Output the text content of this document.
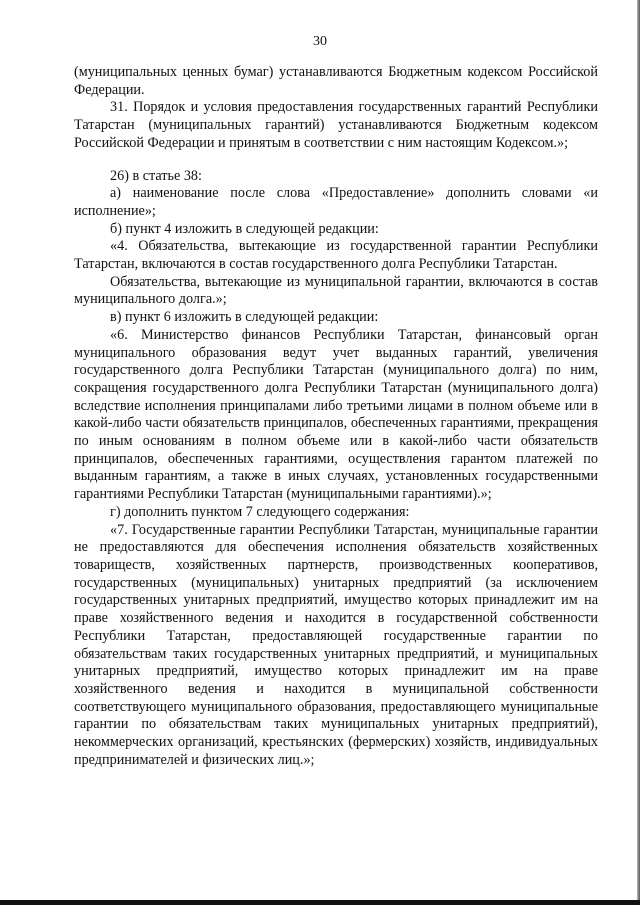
30

(муниципальных ценных бумаг) устанавливаются Бюджетным кодексом Российской Федерации.

31. Порядок и условия предоставления государственных гарантий Республики Татарстан (муниципальных гарантий) устанавливаются Бюджетным кодексом Российской Федерации и принятым в соответствии с ним настоящим Кодексом.»;

26) в статье 38:

а) наименование после слова «Предоставление» дополнить словами «и исполнение»;

б) пункт 4 изложить в следующей редакции:

«4. Обязательства, вытекающие из государственной гарантии Республики Татарстан, включаются в состав государственного долга Республики Татарстан.

Обязательства, вытекающие из муниципальной гарантии, включаются в состав муниципального долга.»;

в) пункт 6 изложить в следующей редакции:

«6. Министерство финансов Республики Татарстан, финансовый орган муниципального образования ведут учет выданных гарантий, увеличения государственного долга Республики Татарстан (муниципального долга) по ним, сокращения государственного долга Республики Татарстан (муниципального долга) вследствие исполнения принципалами либо третьими лицами в полном объеме или в какой-либо части обязательств принципалов, обеспеченных гарантиями, прекращения по иным основаниям в полном объеме или в какой-либо части обязательств принципалов, обеспеченных гарантиями, осуществления гарантом платежей по выданным гарантиям, а также в иных случаях, установленных государственными гарантиями Республики Татарстан (муниципальными гарантиями).»;

г) дополнить пунктом 7 следующего содержания:

«7. Государственные гарантии Республики Татарстан, муниципальные гарантии не предоставляются для обеспечения исполнения обязательств хозяйственных товариществ, хозяйственных партнерств, производственных кооперативов, государственных (муниципальных) унитарных предприятий (за исключением государственных унитарных предприятий, имущество которых принадлежит им на праве хозяйственного ведения и находится в государственной собственности Республики Татарстан, предоставляющей государственные гарантии по обязательствам таких государственных унитарных предприятий, и муниципальных унитарных предприятий, имущество которых принадлежит им на праве хозяйственного ведения и находится в муниципальной собственности соответствующего муниципального образования, предоставляющего муниципальные гарантии по обязательствам таких муниципальных унитарных предприятий), некоммерческих организаций, крестьянских (фермерских) хозяйств, индивидуальных предпринимателей и физических лиц.»;
